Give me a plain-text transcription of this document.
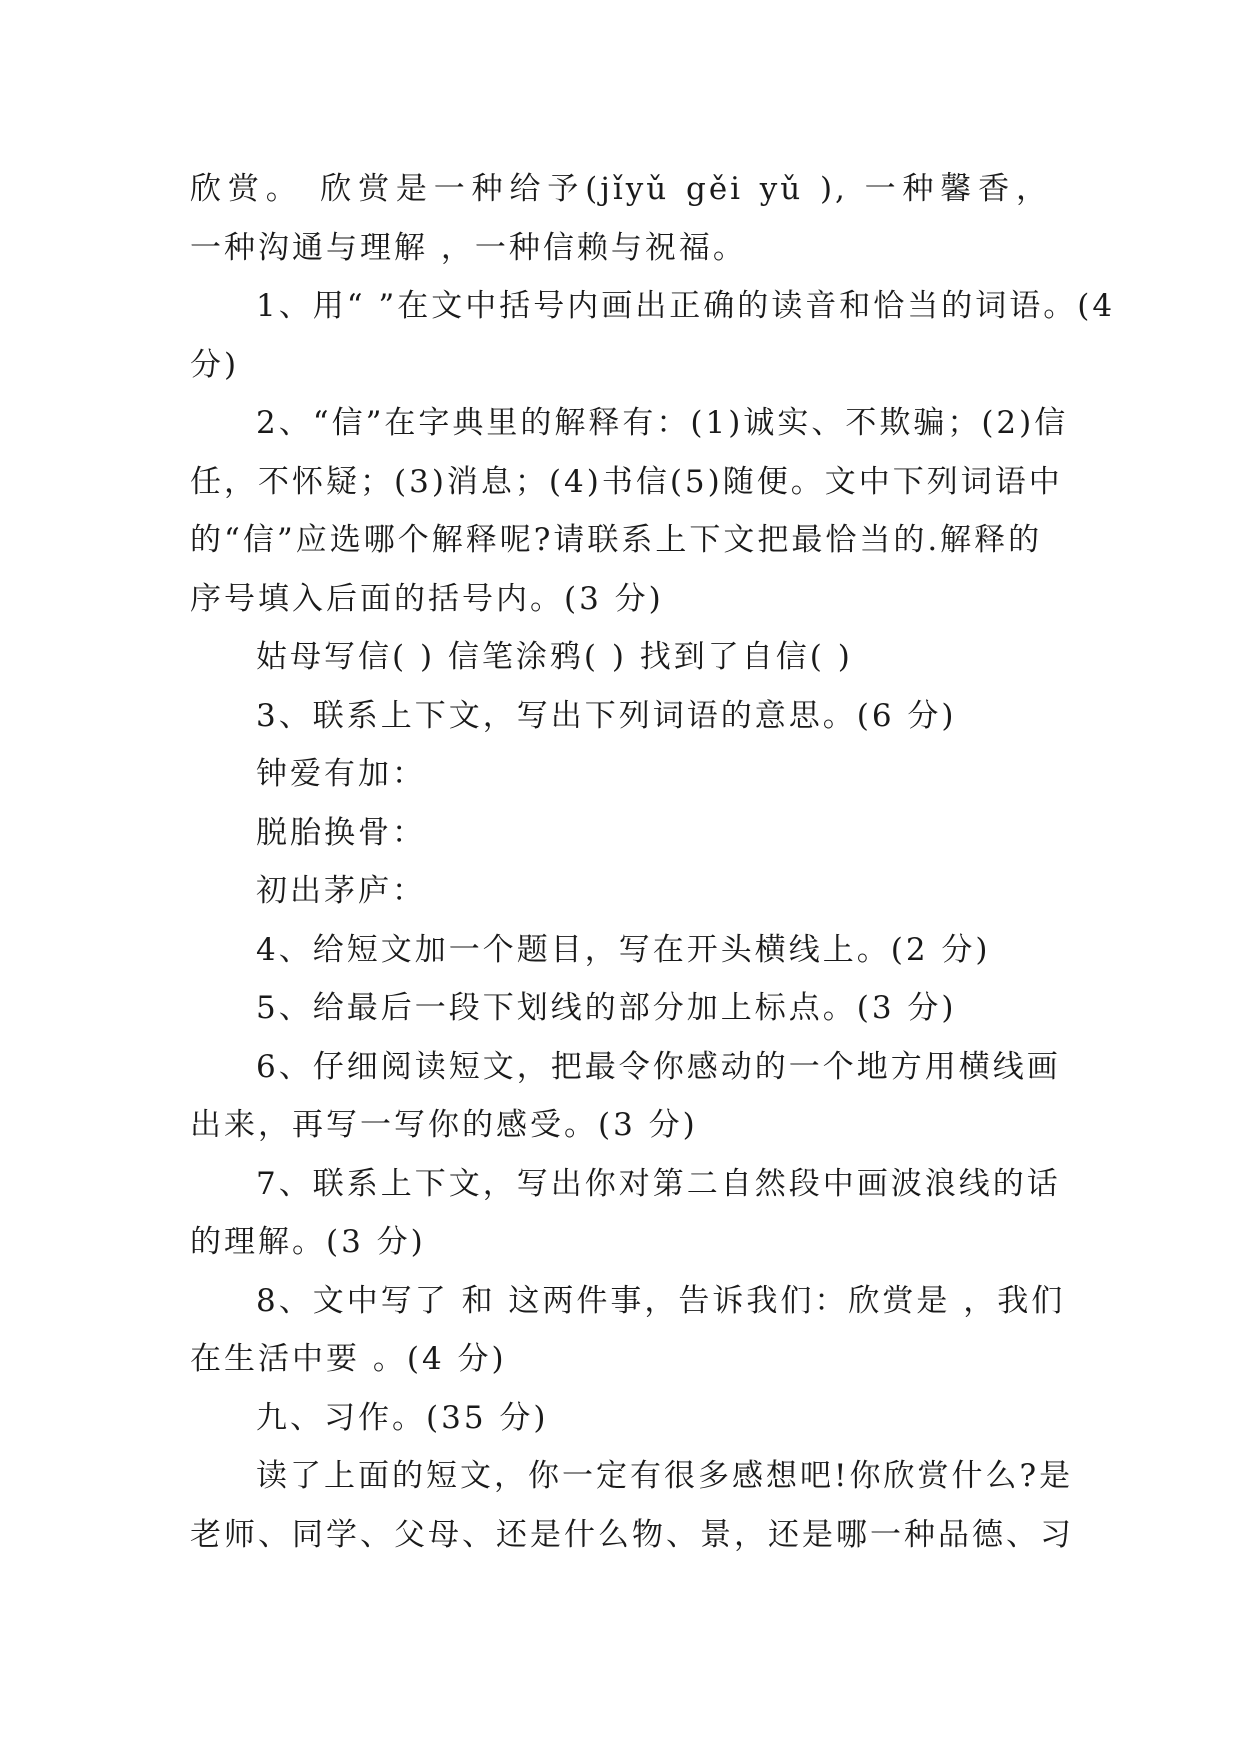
欣赏。 欣赏是一种给予(jǐyǔ gěi yǔ ), 一种馨香，

一种沟通与理解 ，一种信赖与祝福。

1、用“ ”在文中括号内画出正确的读音和恰当的词语。(4

分)

2、“信”在字典里的解释有：(1)诚实、不欺骗；(2)信

任，不怀疑；(3)消息；(4)书信(5)随便。文中下列词语中

的“信”应选哪个解释呢?请联系上下文把最恰当的.解释的

序号填入后面的括号内。(3 分)

姑母写信( ) 信笔涂鸦( ) 找到了自信( )

3、联系上下文，写出下列词语的意思。(6 分)

钟爱有加：

脱胎换骨：

初出茅庐：

4、给短文加一个题目，写在开头横线上。(2 分)

5、给最后一段下划线的部分加上标点。(3 分)

6、仔细阅读短文，把最令你感动的一个地方用横线画

出来，再写一写你的感受。(3 分)

7、联系上下文，写出你对第二自然段中画波浪线的话

的理解。(3 分)

8、文中写了 和 这两件事，告诉我们：欣赏是 ，我们

在生活中要 。(4 分)

九、习作。(35 分)

读了上面的短文，你一定有很多感想吧!你欣赏什么?是

老师、同学、父母、还是什么物、景，还是哪一种品德、习
